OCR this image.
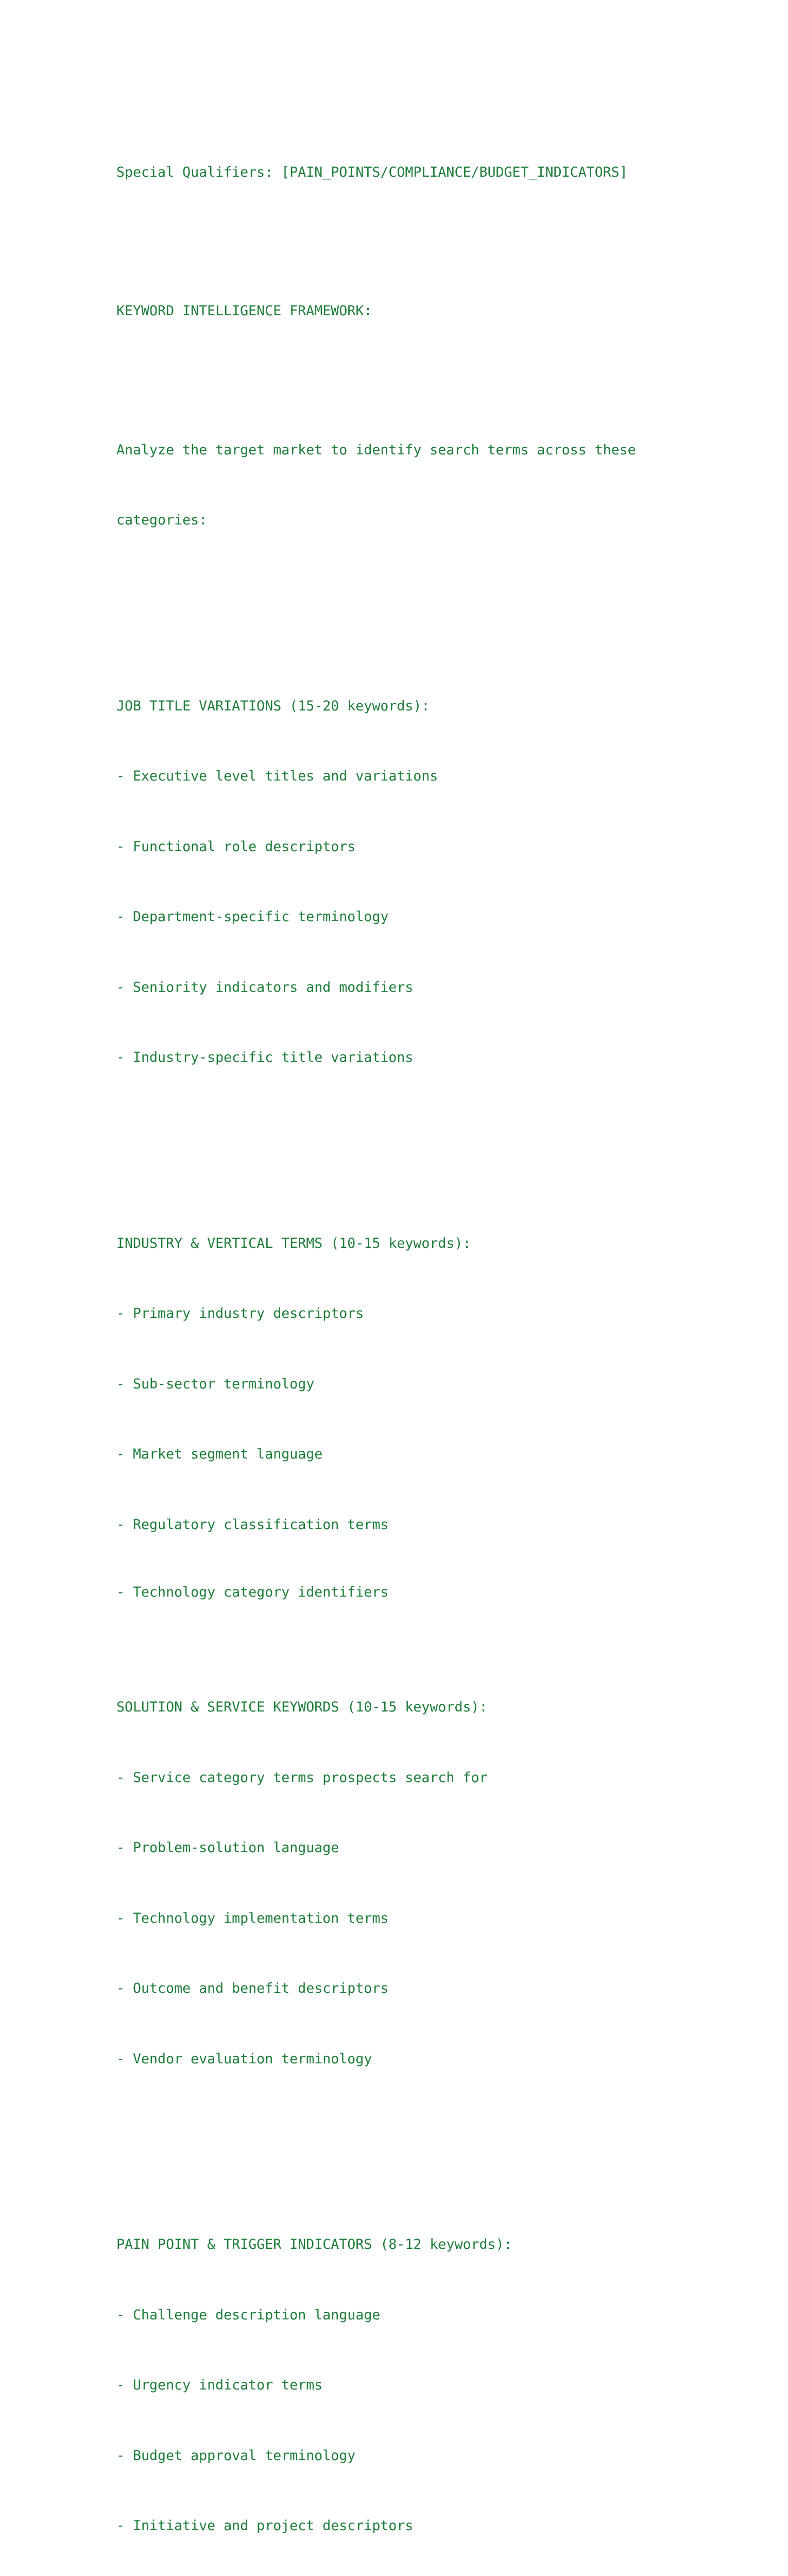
Special Qualifiers: [PAIN_POINTS/COMPLIANCE/BUDGET_INDICATORS]

KEYWORD INTELLIGENCE FRAMEWORK:

Analyze the target market to identify search terms across these

categories:

JOB TITLE VARIATIONS (15-20 keywords):

- Executive level titles and variations

- Functional role descriptors

- Department-specific terminology

- Seniority indicators and modifiers

- Industry-specific title variations

INDUSTRY & VERTICAL TERMS (10-15 keywords):

- Primary industry descriptors

- Sub-sector terminology

- Market segment language

- Regulatory classification terms

- Technology category identifiers

SOLUTION & SERVICE KEYWORDS (10-15 keywords):

- Service category terms prospects search for

- Problem-solution language

- Technology implementation terms

- Outcome and benefit descriptors

- Vendor evaluation terminology

PAIN POINT & TRIGGER INDICATORS (8-12 keywords):

- Challenge description language

- Urgency indicator terms

- Budget approval terminology

- Initiative and project descriptors
